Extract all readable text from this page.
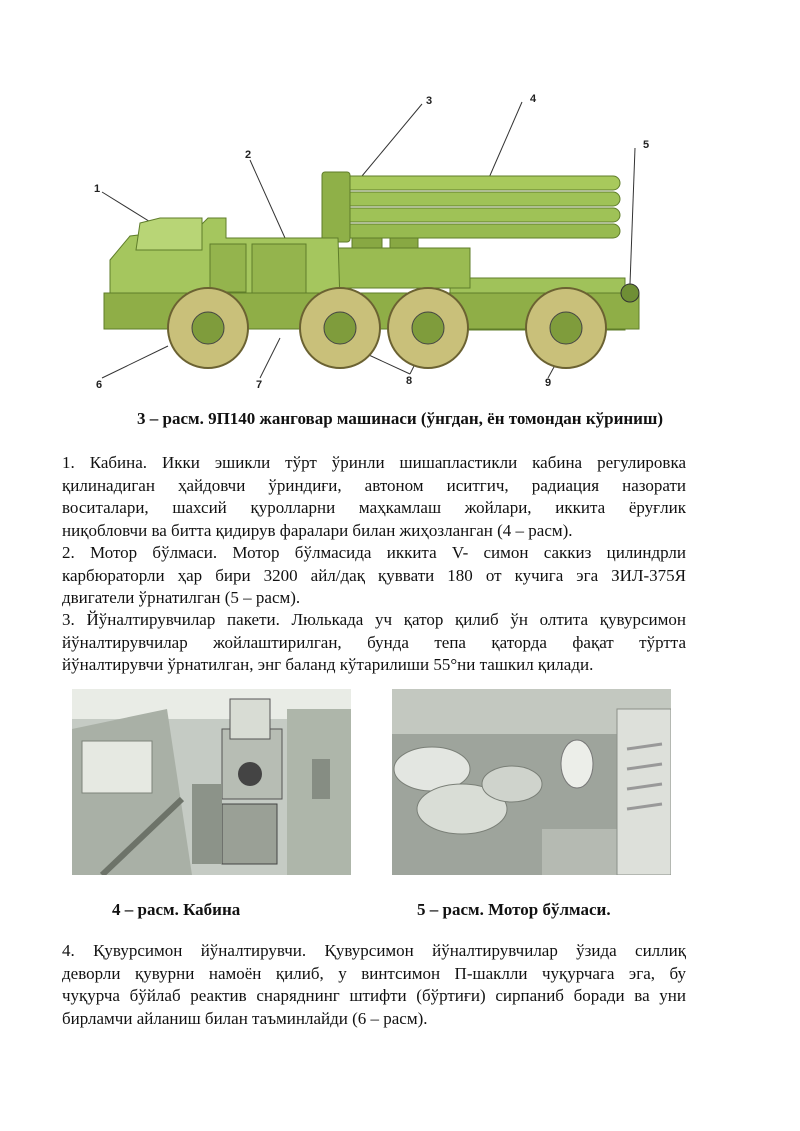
1
2
3	4
5
6	7	8	9
3 – расм. 9П140 жанговар машинаси (ўнгдан, ён томондан кўриниш)
1. Кабина. Икки эшикли тўрт ўринли шишапластикли кабина регулировка
қилинадиган ҳайдовчи ўриндиғи, автоном иситгич, радиация назорати
воситалари, шахсий қуролларни маҳкамлаш жойлари, иккита ёруғлик
ниқобловчи ва битта қидирув фаралари билан жиҳозланган (4 – расм).
2. Мотор бўлмаси. Мотор бўлмасида иккита V- симон саккиз цилиндрли
карбюраторли ҳар бири 3200 айл/дақ қуввати 180 от кучига эга ЗИЛ-375Я
двигатели ўрнатилган (5 – расм).
3. Йўналтирувчилар пакети. Люлькада уч қатор қилиб ўн олтита қувурсимон
йўналтирувчилар жойлаштирилган, бунда тепа қаторда фақат тўртта
йўналтирувчи ўрнатилган, энг баланд кўтарилиши 55°ни ташкил қилади.
4 – расм. Кабина	5 – расм. Мотор бўлмаси.
4. Қувурсимон йўналтирувчи. Қувурсимон йўналтирувчилар ўзида силлиқ
деворли қувурни намоён қилиб, у винтсимон П-шаклли чуқурчага эга, бу
чуқурча бўйлаб реактив снаряднинг штифти (бўртиғи) сирпаниб боради ва уни
бирламчи айланиш билан таъминлайди (6 – расм).
